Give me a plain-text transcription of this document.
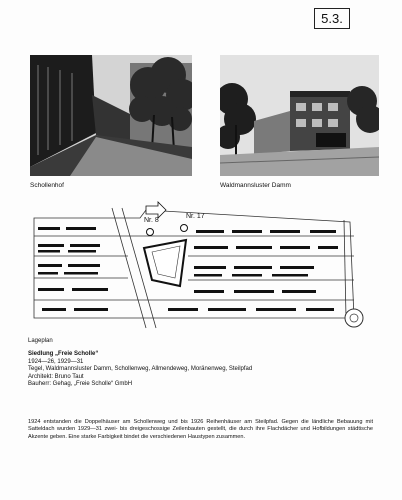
5.3.
Schollenhof	Waldmannsluster Damm
Nr. 8
Nr. 17
Lageplan
Siedlung „Freie Scholle“
1924—26, 1929—31
Tegel, Waldmannsluster Damm, Schollenweg, Allmendeweg, Moränenweg, Steilpfad
Architekt: Bruno Taut
Bauherr: Gehag, „Freie Scholle“ GmbH
1924 entstanden die Doppelhäuser am Schollenweg und bis 1926 Reihenhäuser am Steilpfad. Gegen die ländliche Bebauung mit Satteldach wurden 1929—31 zwei- bis dreigeschossige Zeilenbauten gestellt, die durch ihre Flachdächer und Hofbildungen städtische Akzente geben. Eine starke Farbigkeit bindet die verschiedenen Haustypen zusammen.
